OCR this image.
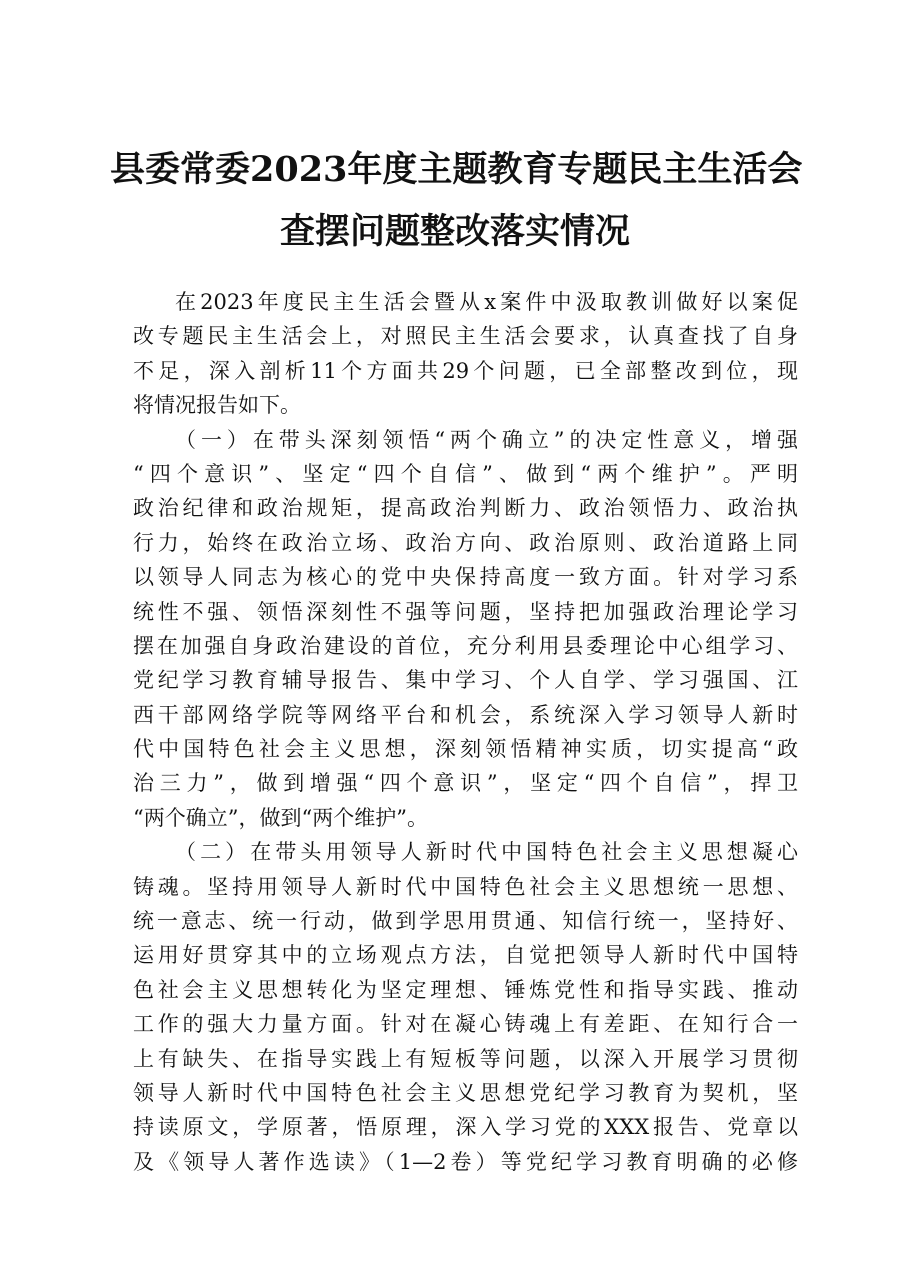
县委常委2023年度主题教育专题民主生活会
查摆问题整改落实情况
在2023年度民主生活会暨从x案件中汲取教训做好以案促
改专题民主生活会上，对照民主生活会要求，认真查找了自身
不足，深入剖析11个方面共29个问题，已全部整改到位，现
将情况报告如下。
（一）在带头深刻领悟“两个确立”的决定性意义，增强
“四个意识”、坚定“四个自信”、做到“两个维护”。严明
政治纪律和政治规矩，提高政治判断力、政治领悟力、政治执
行力，始终在政治立场、政治方向、政治原则、政治道路上同
以领导人同志为核心的党中央保持高度一致方面。针对学习系
统性不强、领悟深刻性不强等问题，坚持把加强政治理论学习
摆在加强自身政治建设的首位，充分利用县委理论中心组学习、
党纪学习教育辅导报告、集中学习、个人自学、学习强国、江
西干部网络学院等网络平台和机会，系统深入学习领导人新时
代中国特色社会主义思想，深刻领悟精神实质，切实提高“政
治三力”，做到增强“四个意识”，坚定“四个自信”，捍卫
“两个确立”，做到“两个维护”。
（二）在带头用领导人新时代中国特色社会主义思想凝心
铸魂。坚持用领导人新时代中国特色社会主义思想统一思想、
统一意志、统一行动，做到学思用贯通、知信行统一，坚持好、
运用好贯穿其中的立场观点方法，自觉把领导人新时代中国特
色社会主义思想转化为坚定理想、锤炼党性和指导实践、推动
工作的强大力量方面。针对在凝心铸魂上有差距、在知行合一
上有缺失、在指导实践上有短板等问题，以深入开展学习贯彻
领导人新时代中国特色社会主义思想党纪学习教育为契机，坚
持读原文，学原著，悟原理，深入学习党的XXX报告、党章以
及《领导人著作选读》（1—2卷）等党纪学习教育明确的必修
